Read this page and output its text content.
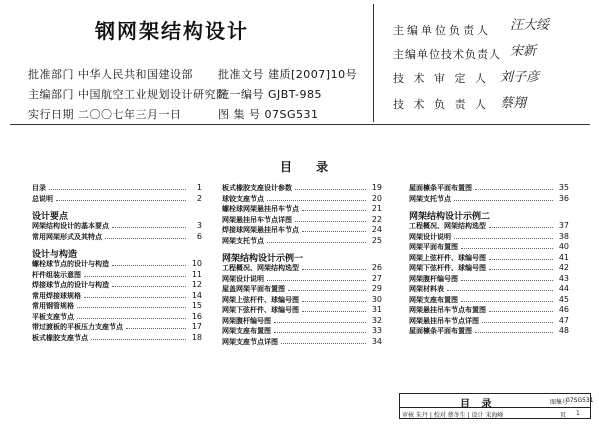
钢网架结构设计
批准部门 中华人民共和国建设部 批准文号 建质[2007]10号
主编部门 中国航空工业规划设计研究院
统一编号 GJBT-985
实行日期 二〇〇七年三月一日	图 集 号 07SG531
主编单位负责人 汪大绥
主编单位技术负责人 宋新
技 术 审 定 人 刘子彦
技 术 负 责 人 蔡翔
目 录
目录	1
总说明	2
设计要点
网架结构设计的基本要点	3
常用网架形式及其特点	6
设计与构造
螺栓球节点的设计与构造	10
杆件组装示意图	11
焊接球节点的设计与构造	12
常用焊接球规格	14
常用钢管规格	15
平板支座节点	16
带过渡板的平板压力支座节点	17
板式橡胶支座节点	18
板式橡胶支座设计参数	19
球铰支座节点	20
螺栓球网架悬挂吊车节点	21
网架悬挂吊车节点详图	22
焊接球网架悬挂吊车节点	24
网架支托节点	25
网架结构设计示例一
工程概况、网架结构选型	26
网架设计说明	27
屋盖网架平面布置图	29
网架上弦杆件、球编号图	30
网架下弦杆件、球编号图	31
网架腹杆编号图	32
网架支座布置图	33
网架支座节点详图	34
屋面檩条平面布置图	35
网架支托节点	36
网架结构设计示例二
工程概况、网架结构选型	37
网架设计说明	38
网架平面布置图	40
网架上弦杆件、球编号图	41
网架下弦杆件、球编号图	42
网架腹杆编号图	43
网架材料表	44
网架支座布置图	45
网架悬挂吊车节点布置图	46
网架悬挂吊车节点详图	47
屋面檩条平面布置图	48
目 录	图集号
07SG531
审核 朱丹 | 校对 蔡冬生 | 设计 宋海峰	页 1
